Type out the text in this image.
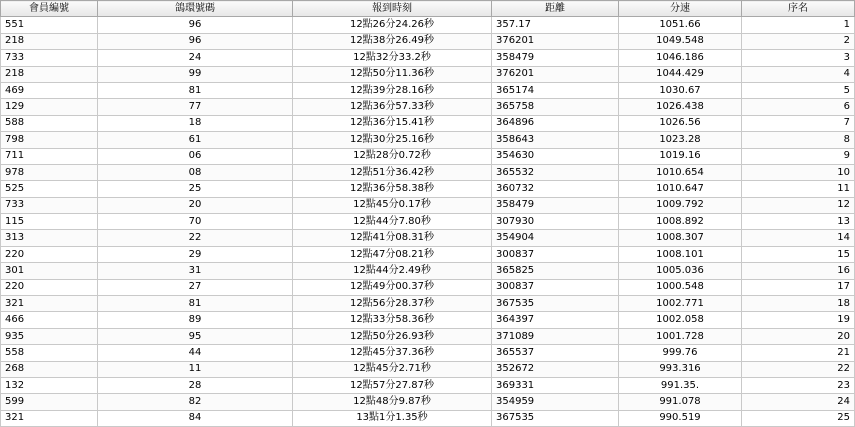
會員編號	鴿環號碼	報到時刻	距離	分速	序名
551	96	12點26分24.26秒	357.17	1051.66	1
218	96	12點38分26.49秒	376201	1049.548	2
733	24	12點32分33.2秒	358479	1046.186	3
218	99	12點50分11.36秒	376201	1044.429	4
469	81	12點39分28.16秒	365174	1030.67	5
129	77	12點36分57.33秒	365758	1026.438	6
588	18	12點36分15.41秒	364896	1026.56	7
798	61	12點30分25.16秒	358643	1023.28	8
711	06	12點28分0.72秒	354630	1019.16	9
978	08	12點51分36.42秒	365532	1010.654	10
525	25	12點36分58.38秒	360732	1010.647	11
733	20	12點45分0.17秒	358479	1009.792	12
115	70	12點44分7.80秒	307930	1008.892	13
313	22	12點41分08.31秒	354904	1008.307	14
220	29	12點47分08.21秒	300837	1008.101	15
301	31	12點44分2.49秒	365825	1005.036	16
220	27	12點49分00.37秒	300837	1000.548	17
321	81	12點56分28.37秒	367535	1002.771	18
466	89	12點33分58.36秒	364397	1002.058	19
935	95	12點50分26.93秒	371089	1001.728	20
558	44	12點45分37.36秒	365537	999.76	21
268	11	12點45分2.71秒	352672	993.316	22
132	28	12點57分27.87秒	369331	991.35.	23
599	82	12點48分9.87秒	354959	991.078	24
321	84	13點1分1.35秒	367535	990.519	25
